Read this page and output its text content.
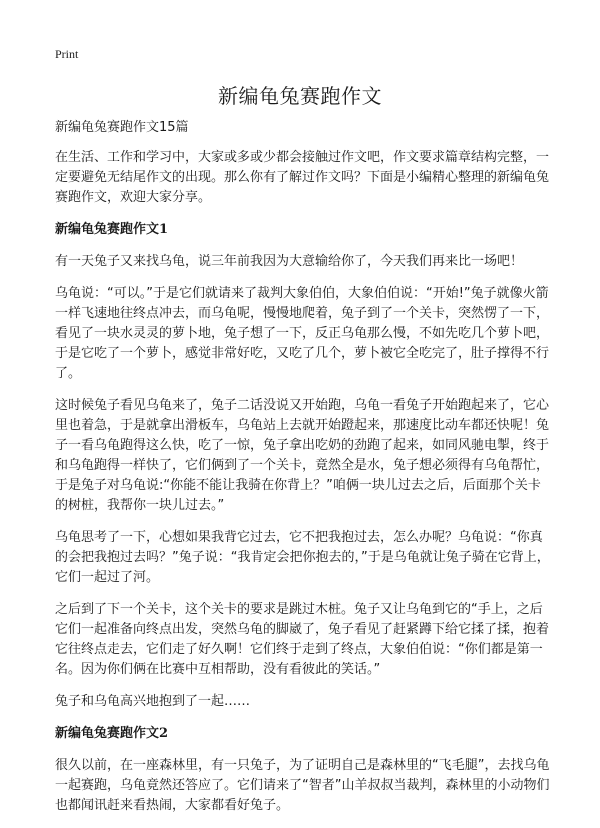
Print
新编龟兔赛跑作文
新编龟兔赛跑作文15篇

在生活、工作和学习中，大家或多或少都会接触过作文吧，作文要求篇章结构完整，一定要避免无结尾作文的出现。那么你有了解过作文吗？下面是小编精心整理的新编龟兔赛跑作文，欢迎大家分享。

新编龟兔赛跑作文1

有一天兔子又来找乌龟，说三年前我因为大意输给你了，今天我们再来比一场吧！

乌龟说：“可以。”于是它们就请来了裁判大象伯伯，大象伯伯说：“开始!”兔子就像火箭一样飞速地往终点冲去，而乌龟呢，慢慢地爬着，兔子到了一个关卡，突然愣了一下，看见了一块水灵灵的萝卜地，兔子想了一下，反正乌龟那么慢，不如先吃几个萝卜吧，于是它吃了一个萝卜，感觉非常好吃，又吃了几个，萝卜被它全吃完了，肚子撑得不行了。

这时候兔子看见乌龟来了，兔子二话没说又开始跑，乌龟一看兔子开始跑起来了，它心里也着急，于是就拿出滑板车，乌龟站上去就开始蹬起来，那速度比动车都还快呢！兔子一看乌龟跑得这么快，吃了一惊，兔子拿出吃奶的劲跑了起来，如同风驰电掣，终于和乌龟跑得一样快了，它们俩到了一个关卡，竟然全是水，兔子想必须得有乌龟帮忙，于是兔子对乌龟说:“你能不能让我骑在你背上？”咱俩一块儿过去之后，后面那个关卡的树桩，我帮你一块儿过去。”

乌龟思考了一下，心想如果我背它过去，它不把我抱过去，怎么办呢？乌龟说：“你真的会把我抱过去吗？”兔子说：“我肯定会把你抱去的，”于是乌龟就让兔子骑在它背上，它们一起过了河。

之后到了下一个关卡，这个关卡的要求是跳过木桩。兔子又让乌龟到它的“手上，之后它们一起准备向终点出发，突然乌龟的脚崴了，兔子看见了赶紧蹲下给它揉了揉，抱着它往终点走去，它们走了好久啊！它们终于走到了终点，大象伯伯说：“你们都是第一名。因为你们俩在比赛中互相帮助，没有看彼此的笑话。”

兔子和乌龟高兴地抱到了一起……

新编龟兔赛跑作文2

很久以前，在一座森林里，有一只兔子，为了证明自己是森林里的“飞毛腿”，去找乌龟一起赛跑，乌龟竟然还答应了。它们请来了“智者”山羊叔叔当裁判，森林里的小动物们也都闻讯赶来看热闹，大家都看好兔子。
